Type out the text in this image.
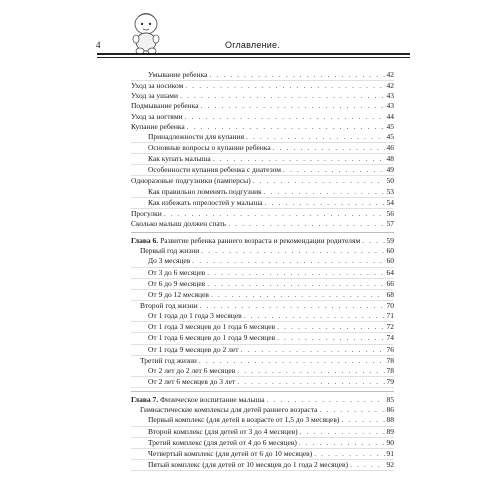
4	Оглавление.
Умывание ребенка . . .	42
Уход за носиком . . .	42
Уход за ушами . . .	43
Подмывание ребенка . . .	43
Уход за ногтями . . .	44
Купание ребенка . . .	45
Принадлежности для купания . . .	45
Основные вопросы о купании ребенка . . .	46
Как купать малыша . . .	48
Особенности купания ребенка с диатезом . . .	49
Одноразовые подгузники (памперсы) . . .	50
Как правильно поменять подгузник . . .	53
Как избежать опрелостей у малыша . . .	54
Прогулки . . .	56
Сколько малыш должен спать . . .	57
Глава 6. Развитие ребенка раннего возраста и рекомендации родителям . . .	59
Первый год жизни . . .	60
До 3 месяцев . . .	60
От 3 до 6 месяцев . . .	64
От 6 до 9 месяцев . . .	66
От 9 до 12 месяцев . . .	68
Второй год жизни . . .	70
От 1 года до 1 года 3 месяцев . . .	71
От 1 года 3 месяцев до 1 года 6 месяцев . . .	72
От 1 года 6 месяцев до 1 года 9 месяцев . . .	74
От 1 года 9 месяцев до 2 лет . . .	76
Третий год жизни . . .	78
От 2 лет до 2 лет 6 месяцев . . .	78
От 2 лет 6 месяцев до 3 лет . . .	79
Глава 7. Физическое воспитание малыша . . .	85
Гимнастические комплексы для детей раннего возраста . . .	86
Первый комплекс (для детей в возрасте от 1,5 до 3 месяцев) . . .	88
Второй комплекс (для детей от 3 до 4 месяцев) . . .	89
Третий комплекс (для детей от 4 до 6 месяцев) . . .	90
Четвертый комплекс (для детей от 6 до 10 месяцев) . . .	91
Пятый комплекс (для детей от 10 месяцев до 1 года 2 месяцев) . . .	92
